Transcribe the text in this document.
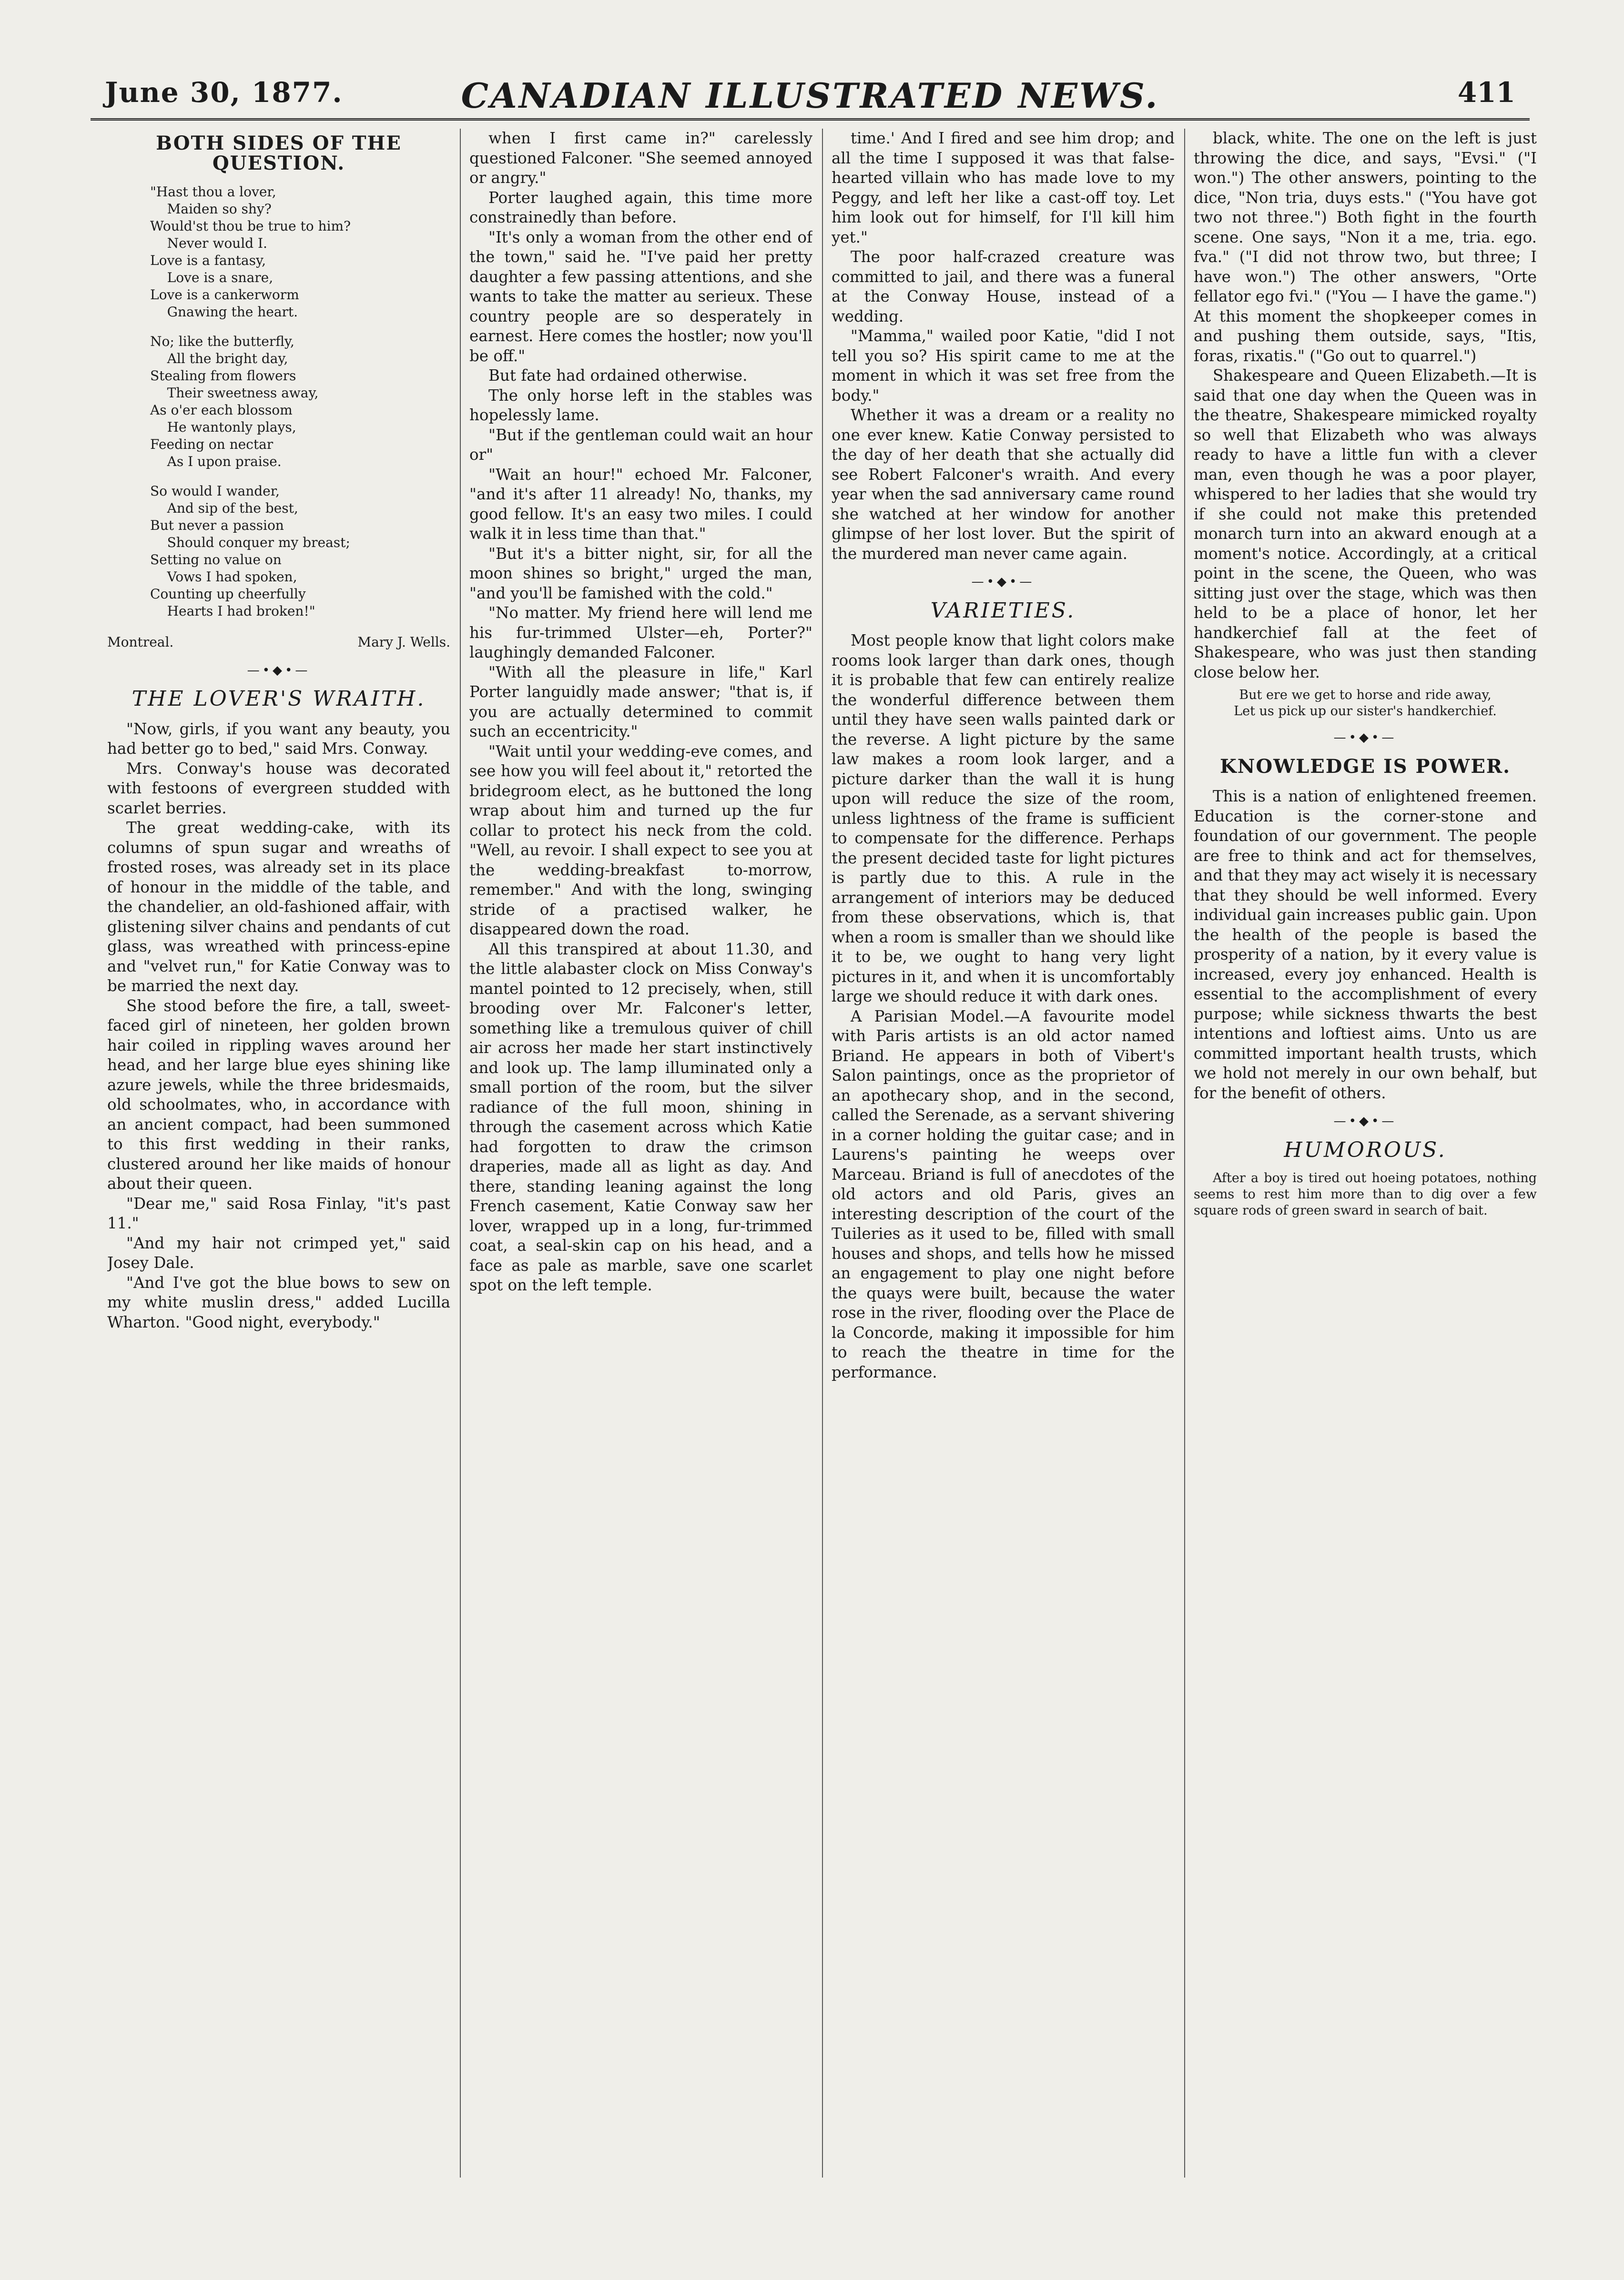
June 30, 1877.	CANADIAN ILLUSTRATED NEWS.	411
BOTH SIDES OF THE QUESTION.
"Hast thou a lover,
Maiden so shy?
Would'st thou be true to him?
Never would I.
Love is a fantasy,
Love is a snare,
Love is a cankerworm
Gnawing the heart.
No; like the butterfly,
All the bright day,
Stealing from flowers
Their sweetness away,
As o'er each blossom
He wantonly plays,
Feeding on nectar
As I upon praise.
So would I wander,
And sip of the best,
But never a passion
Should conquer my breast;
Setting no value on
Vows I had spoken,
Counting up cheerfully
Hearts I had broken!"
Montreal.	Mary J. Wells.
—•◆•—
THE LOVER'S WRAITH.

"Now, girls, if you want any beauty, you had better go to bed," said Mrs. Conway.

Mrs. Conway's house was decorated with festoons of evergreen studded with scarlet berries.

The great wedding-cake, with its columns of spun sugar and wreaths of frosted roses, was already set in its place of honour in the middle of the table, and the chandelier, an old-fashioned affair, with glistening silver chains and pendants of cut glass, was wreathed with princess-epine and "velvet run," for Katie Conway was to be married the next day.

She stood before the fire, a tall, sweet-faced girl of nineteen, her golden brown hair coiled in rippling waves around her head, and her large blue eyes shining like azure jewels, while the three bridesmaids, old schoolmates, who, in accordance with an ancient compact, had been summoned to this first wedding in their ranks, clustered around her like maids of honour about their queen.

"Dear me," said Rosa Finlay, "it's past 11."

"And my hair not crimped yet," said Josey Dale.

"And I've got the blue bows to sew on my white muslin dress," added Lucilla Wharton. "Good night, everybody."

when I first came in?" carelessly questioned Falconer. "She seemed annoyed or angry."

Porter laughed again, this time more constrainedly than before.

"It's only a woman from the other end of the town," said he. "I've paid her pretty daughter a few passing attentions, and she wants to take the matter au serieux. These country people are so desperately in earnest. Here comes the hostler; now you'll be off."

But fate had ordained otherwise.

The only horse left in the stables was hopelessly lame.

"But if the gentleman could wait an hour or"

"Wait an hour!" echoed Mr. Falconer, "and it's after 11 already! No, thanks, my good fellow. It's an easy two miles. I could walk it in less time than that."

"But it's a bitter night, sir, for all the moon shines so bright," urged the man, "and you'll be famished with the cold."

"No matter. My friend here will lend me his fur-trimmed Ulster—eh, Porter?" laughingly demanded Falconer.

"With all the pleasure in life," Karl Porter languidly made answer; "that is, if you are actually determined to commit such an eccentricity."

"Wait until your wedding-eve comes, and see how you will feel about it," retorted the bridegroom elect, as he buttoned the long wrap about him and turned up the fur collar to protect his neck from the cold. "Well, au revoir. I shall expect to see you at the wedding-breakfast to-morrow, remember." And with the long, swinging stride of a practised walker, he disappeared down the road.

All this transpired at about 11.30, and the little alabaster clock on Miss Conway's mantel pointed to 12 precisely, when, still brooding over Mr. Falconer's letter, something like a tremulous quiver of chill air across her made her start instinctively and look up. The lamp illuminated only a small portion of the room, but the silver radiance of the full moon, shining in through the casement across which Katie had forgotten to draw the crimson draperies, made all as light as day. And there, standing leaning against the long French casement, Katie Conway saw her lover, wrapped up in a long, fur-trimmed coat, a seal-skin cap on his head, and a face as pale as marble, save one scarlet spot on the left temple.

time.' And I fired and see him drop; and all the time I supposed it was that false-hearted villain who has made love to my Peggy, and left her like a cast-off toy. Let him look out for himself, for I'll kill him yet."

The poor half-crazed creature was committed to jail, and there was a funeral at the Conway House, instead of a wedding.

"Mamma," wailed poor Katie, "did I not tell you so? His spirit came to me at the moment in which it was set free from the body."

Whether it was a dream or a reality no one ever knew. Katie Conway persisted to the day of her death that she actually did see Robert Falconer's wraith. And every year when the sad anniversary came round she watched at her window for another glimpse of her lost lover. But the spirit of the murdered man never came again.

—•◆•—
VARIETIES.

Most people know that light colors make rooms look larger than dark ones, though it is probable that few can entirely realize the wonderful difference between them until they have seen walls painted dark or the reverse. A light picture by the same law makes a room look larger, and a picture darker than the wall it is hung upon will reduce the size of the room, unless lightness of the frame is sufficient to compensate for the difference. Perhaps the present decided taste for light pictures is partly due to this. A rule in the arrangement of interiors may be deduced from these observations, which is, that when a room is smaller than we should like it to be, we ought to hang very light pictures in it, and when it is uncomfortably large we should reduce it with dark ones.

A Parisian Model.—A favourite model with Paris artists is an old actor named Briand. He appears in both of Vibert's Salon paintings, once as the proprietor of an apothecary shop, and in the second, called the Serenade, as a servant shivering in a corner holding the guitar case; and in Laurens's painting he weeps over Marceau. Briand is full of anecdotes of the old actors and old Paris, gives an interesting description of the court of the Tuileries as it used to be, filled with small houses and shops, and tells how he missed an engagement to play one night before the quays were built, because the water rose in the river, flooding over the Place de la Concorde, making it impossible for him to reach the theatre in time for the performance.

black, white. The one on the left is just throwing the dice, and says, "Evsi." ("I won.") The other answers, pointing to the dice, "Non tria, duys ests." ("You have got two not three.") Both fight in the fourth scene. One says, "Non it a me, tria. ego. fva." ("I did not throw two, but three; I have won.") The other answers, "Orte fellator ego fvi." ("You — I have the game.") At this moment the shopkeeper comes in and pushing them outside, says, "Itis, foras, rixatis." ("Go out to quarrel.")

Shakespeare and Queen Elizabeth.—It is said that one day when the Queen was in the theatre, Shakespeare mimicked royalty so well that Elizabeth who was always ready to have a little fun with a clever man, even though he was a poor player, whispered to her ladies that she would try if she could not make this pretended monarch turn into an akward enough at a moment's notice. Accordingly, at a critical point in the scene, the Queen, who was sitting just over the stage, which was then held to be a place of honor, let her handkerchief fall at the feet of Shakespeare, who was just then standing close below her.

But ere we get to horse and ride away,
Let us pick up our sister's handkerchief.
—•◆•—
KNOWLEDGE IS POWER.

This is a nation of enlightened freemen. Education is the corner-stone and foundation of our government. The people are free to think and act for themselves, and that they may act wisely it is necessary that they should be well informed. Every individual gain increases public gain. Upon the health of the people is based the prosperity of a nation, by it every value is increased, every joy enhanced. Health is essential to the accomplishment of every purpose; while sickness thwarts the best intentions and loftiest aims. Unto us are committed important health trusts, which we hold not merely in our own behalf, but for the benefit of others.

—•◆•—
HUMOROUS.

After a boy is tired out hoeing potatoes, nothing seems to rest him more than to dig over a few square rods of green sward in search of bait.
